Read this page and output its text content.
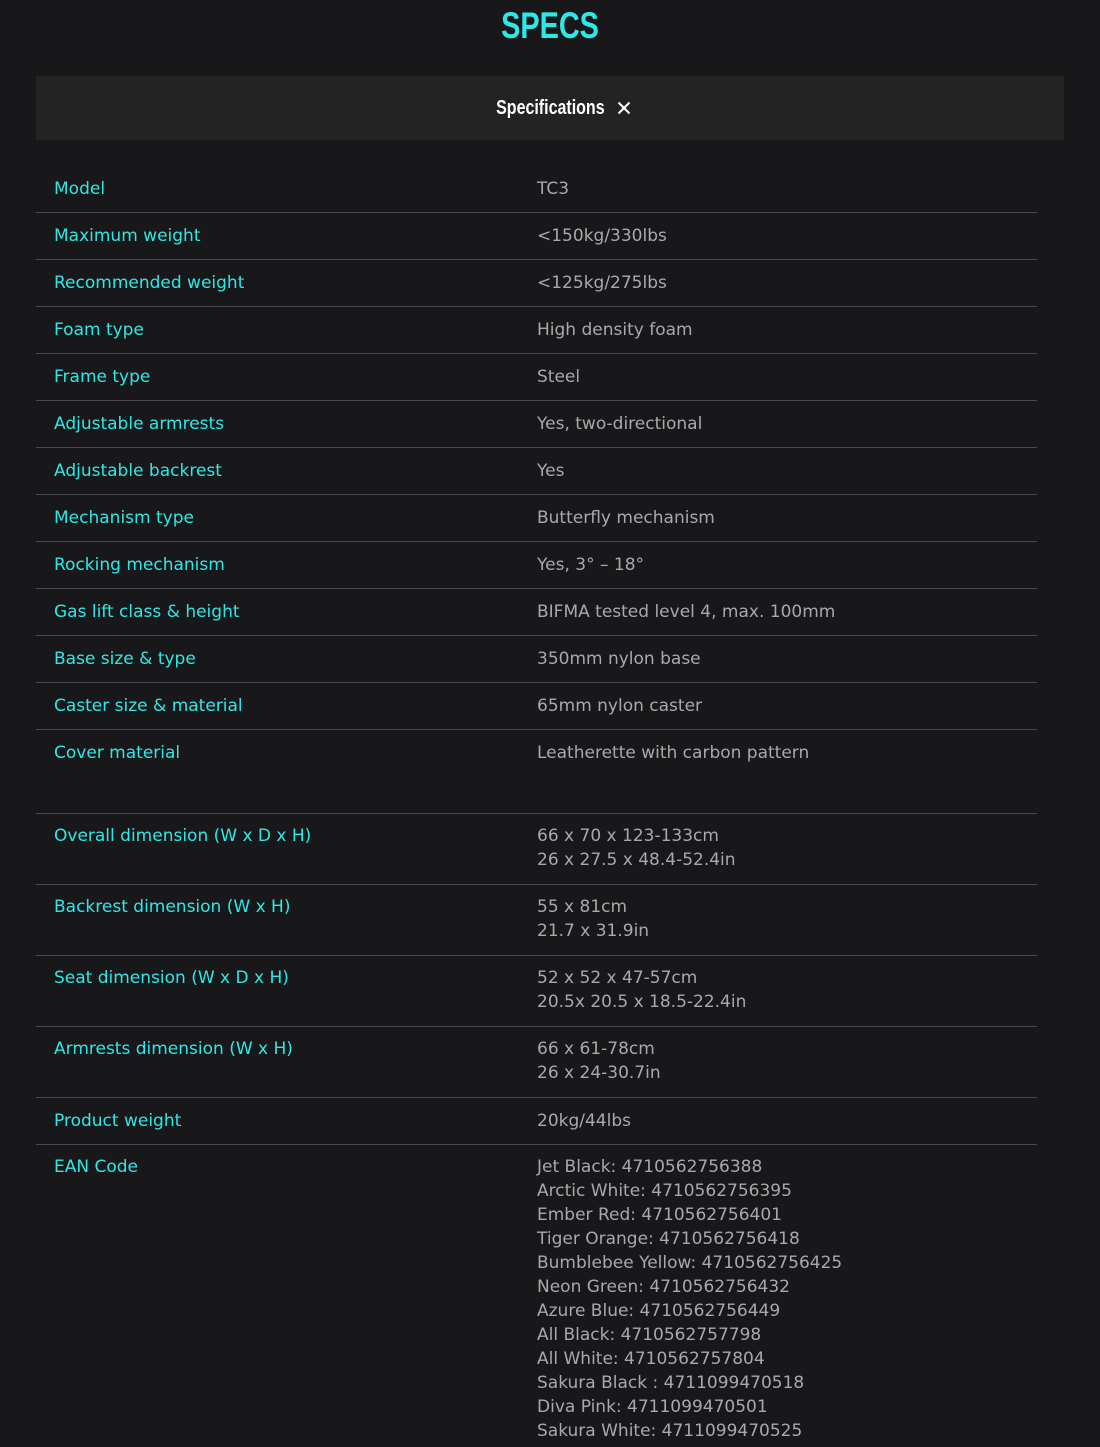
SPECS
Specifications
Model	TC3
Maximum weight	<150kg/330lbs
Recommended weight	<125kg/275lbs
Foam type	High density foam
Frame type	Steel
Adjustable armrests	Yes, two-directional
Adjustable backrest	Yes
Mechanism type	Butterfly mechanism
Rocking mechanism	Yes, 3° – 18°
Gas lift class & height	BIFMA tested level 4, max. 100mm
Base size & type	350mm nylon base
Caster size & material	65mm nylon caster
Cover material	Leatherette with carbon pattern
Overall dimension (W x D x H)	66 x 70 x 123-133cm
26 x 27.5 x 48.4-52.4in
Backrest dimension (W x H)	55 x 81cm
21.7 x 31.9in
Seat dimension (W x D x H)	52 x 52 x 47-57cm
20.5x 20.5 x 18.5-22.4in
Armrests dimension (W x H)	66 x 61-78cm
26 x 24-30.7in
Product weight	20kg/44lbs
EAN Code	Jet Black: 4710562756388
Arctic White: 4710562756395
Ember Red: 4710562756401
Tiger Orange: 4710562756418
Bumblebee Yellow: 4710562756425
Neon Green: 4710562756432
Azure Blue: 4710562756449
All Black: 4710562757798
All White: 4710562757804
Sakura Black : 4711099470518
Diva Pink: 4711099470501
Sakura White: 4711099470525
